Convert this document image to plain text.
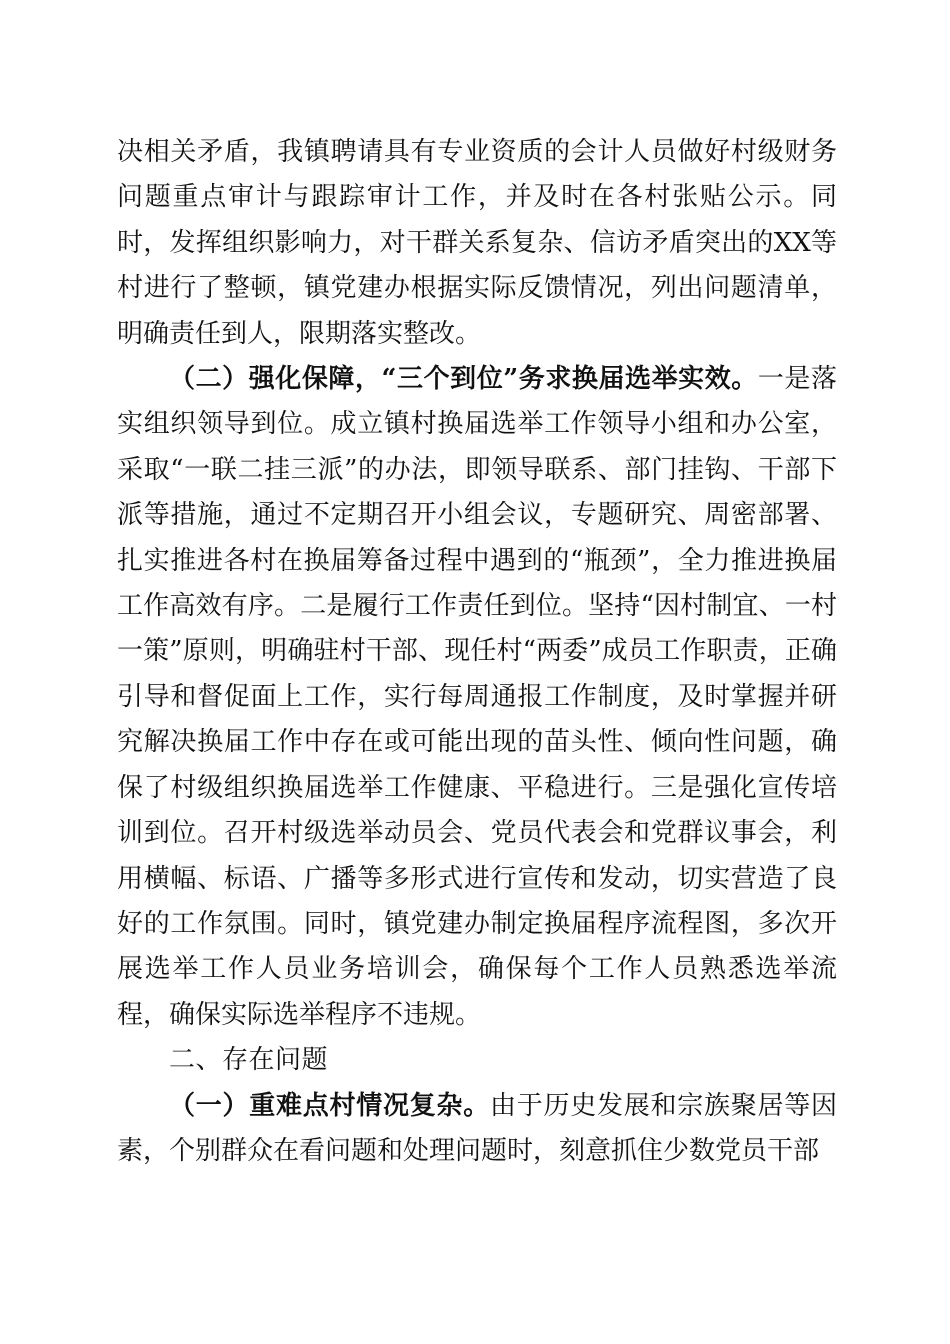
决相关矛盾，我镇聘请具有专业资质的会计人员做好村级财务问题重点审计与跟踪审计工作，并及时在各村张贴公示。同时，发挥组织影响力，对干群关系复杂、信访矛盾突出的XX等村进行了整顿，镇党建办根据实际反馈情况，列出问题清单，明确责任到人，限期落实整改。

（二）强化保障，“三个到位”务求换届选举实效。一是落实组织领导到位。成立镇村换届选举工作领导小组和办公室，采取“一联二挂三派”的办法，即领导联系、部门挂钩、干部下派等措施，通过不定期召开小组会议，专题研究、周密部署、扎实推进各村在换届筹备过程中遇到的“瓶颈”，全力推进换届工作高效有序。二是履行工作责任到位。坚持“因村制宜、一村一策”原则，明确驻村干部、现任村“两委”成员工作职责，正确引导和督促面上工作，实行每周通报工作制度，及时掌握并研究解决换届工作中存在或可能出现的苗头性、倾向性问题，确保了村级组织换届选举工作健康、平稳进行。三是强化宣传培训到位。召开村级选举动员会、党员代表会和党群议事会，利用横幅、标语、广播等多形式进行宣传和发动，切实营造了良好的工作氛围。同时，镇党建办制定换届程序流程图，多次开展选举工作人员业务培训会，确保每个工作人员熟悉选举流程，确保实际选举程序不违规。

二、存在问题

（一）重难点村情况复杂。由于历史发展和宗族聚居等因素，个别群众在看问题和处理问题时，刻意抓住少数党员干部
